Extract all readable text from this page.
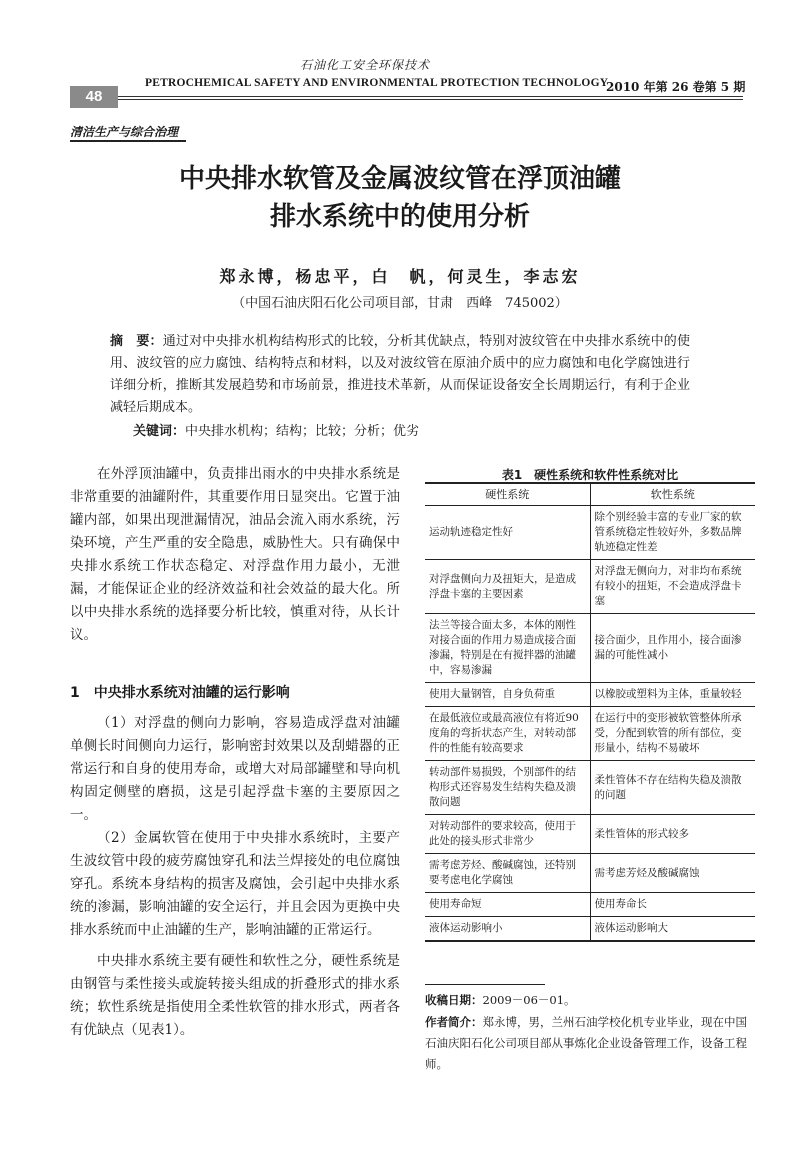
石油化工安全环保技术
48
PETROCHEMICAL SAFETY AND ENVIRONMENTAL PROTECTION TECHNOLOGY
2010 年第 26 卷第 5 期
清洁生产与综合治理
中央排水软管及金属波纹管在浮顶油罐
排水系统中的使用分析
郑永博，杨忠平，白　帆，何灵生，李志宏
（中国石油庆阳石化公司项目部，甘肃　西峰　745002）
摘　要：通过对中央排水机构结构形式的比较，分析其优缺点，特别对波纹管在中央排水系统中的使用、波纹管的应力腐蚀、结构特点和材料，以及对波纹管在原油介质中的应力腐蚀和电化学腐蚀进行详细分析，推断其发展趋势和市场前景，推进技术革新，从而保证设备安全长周期运行，有利于企业减轻后期成本。
关键词：中央排水机构；结构；比较；分析；优劣

在外浮顶油罐中，负责排出雨水的中央排水系统是非常重要的油罐附件，其重要作用日显突出。它置于油罐内部，如果出现泄漏情况，油品会流入雨水系统，污染环境，产生严重的安全隐患，威胁性大。只有确保中央排水系统工作状态稳定、对浮盘作用力最小，无泄漏，才能保证企业的经济效益和社会效益的最大化。所以中央排水系统的选择要分析比较，慎重对待，从长计议。

1　中央排水系统对油罐的运行影响

（1）对浮盘的侧向力影响，容易造成浮盘对油罐单侧长时间侧向力运行，影响密封效果以及刮蜡器的正常运行和自身的使用寿命，或增大对局部罐壁和导向机构固定侧壁的磨损，这是引起浮盘卡塞的主要原因之一。

（2）金属软管在使用于中央排水系统时，主要产生波纹管中段的疲劳腐蚀穿孔和法兰焊接处的电位腐蚀穿孔。系统本身结构的损害及腐蚀，会引起中央排水系统的渗漏，影响油罐的安全运行，并且会因为更换中央排水系统而中止油罐的生产，影响油罐的正常运行。

中央排水系统主要有硬性和软性之分，硬性系统是由钢管与柔性接头或旋转接头组成的折叠形式的排水系统；软性系统是指使用全柔性软管的排水形式，两者各有优缺点（见表1）。

表1　硬性系统和软件性系统对比
硬性系统	软性系统
运动轨迹稳定性好	除个别经验丰富的专业厂家的软管系统稳定性较好外，多数品牌轨迹稳定性差
对浮盘侧向力及扭矩大，是造成浮盘卡塞的主要因素	对浮盘无侧向力，对非均布系统有较小的扭矩，不会造成浮盘卡塞
法兰等接合面太多，本体的刚性对接合面的作用力易造成接合面渗漏，特别是在有搅拌器的油罐中，容易渗漏	接合面少，且作用小，接合面渗漏的可能性减小
使用大量钢管，自身负荷重	以橡胶或塑料为主体，重量较轻
在最低液位或最高液位有将近90度角的弯折状态产生，对转动部件的性能有较高要求	在运行中的变形被软管整体所承受，分配到软管的所有部位，变形量小，结构不易破坏
转动部件易损毁，个别部件的结构形式还容易发生结构失稳及溃散问题	柔性管体不存在结构失稳及溃散的问题
对转动部件的要求较高，使用于此处的接头形式非常少	柔性管体的形式较多
需考虑芳烃、酸碱腐蚀，还特别要考虑电化学腐蚀	需考虑芳烃及酸碱腐蚀
使用寿命短	使用寿命长
液体运动影响小	液体运动影响大
收稿日期：2009－06－01。
作者简介：郑永博，男，兰州石油学校化机专业毕业，现在中国石油庆阳石化公司项目部从事炼化企业设备管理工作，设备工程师。
